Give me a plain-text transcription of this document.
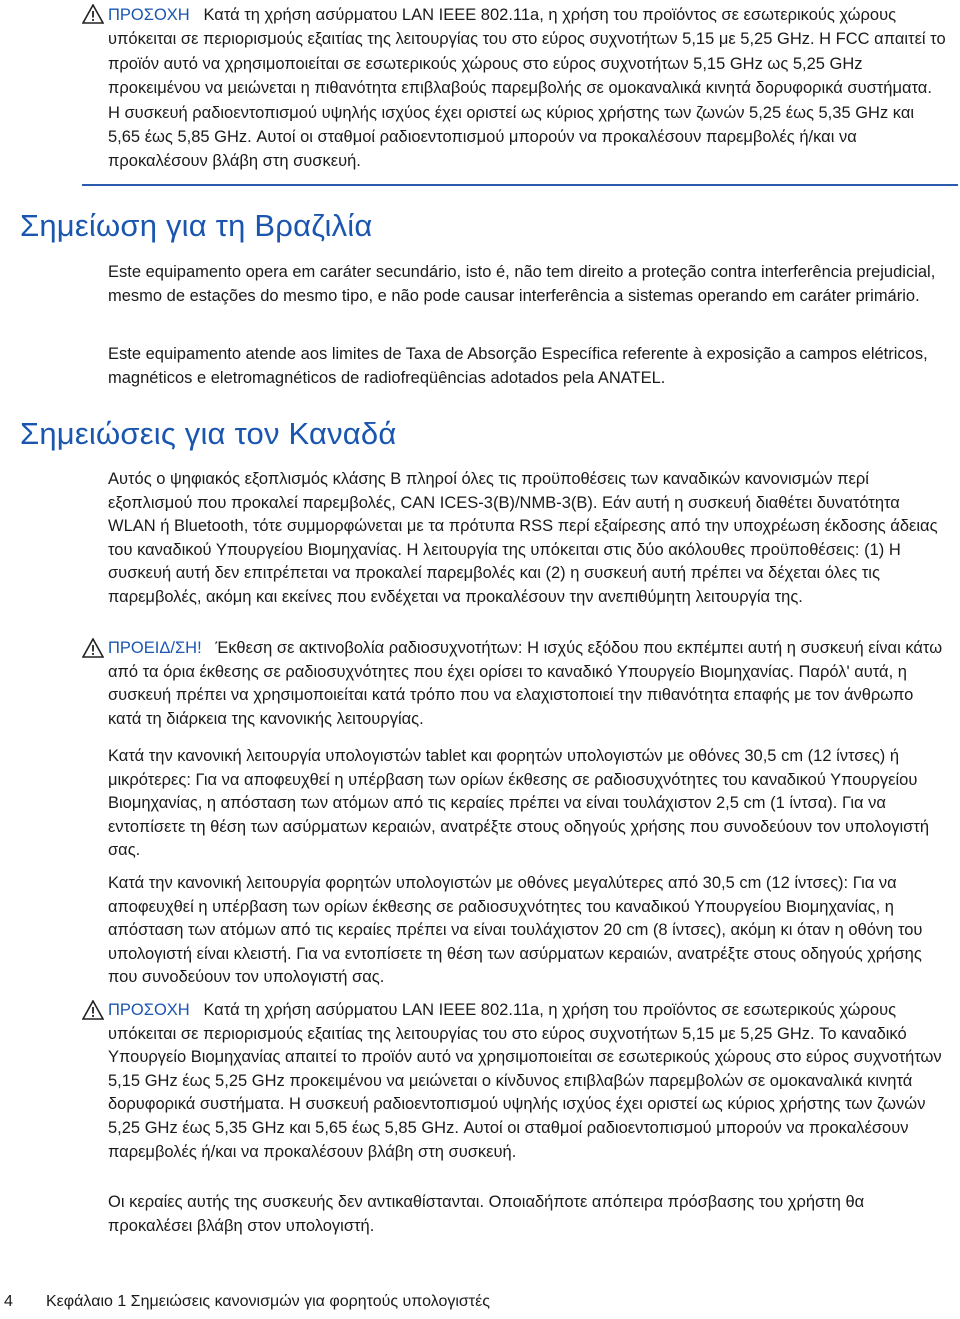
ΠΡΟΣΟΧΗ Κατά τη χρήση ασύρματου LAN IEEE 802.11a, η χρήση του προϊόντος σε εσωτερικούς χώρους υπόκειται σε περιορισμούς εξαιτίας της λειτουργίας του στο εύρος συχνοτήτων 5,15 με 5,25 GHz. Η FCC απαιτεί το προϊόν αυτό να χρησιμοποιείται σε εσωτερικούς χώρους στο εύρος συχνοτήτων 5,15 GHz ως 5,25 GHz προκειμένου να μειώνεται η πιθανότητα επιβλαβούς παρεμβολής σε ομοκαναλικά κινητά δορυφορικά συστήματα. Η συσκευή ραδιοεντοπισμού υψηλής ισχύος έχει οριστεί ως κύριος χρήστης των ζωνών 5,25 έως 5,35 GHz και 5,65 έως 5,85 GHz. Αυτοί οι σταθμοί ραδιοεντοπισμού μπορούν να προκαλέσουν παρεμβολές ή/και να προκαλέσουν βλάβη στη συσκευή.

Σημείωση για τη Βραζιλία

Este equipamento opera em caráter secundário, isto é, não tem direito a proteção contra interferência prejudicial, mesmo de estações do mesmo tipo, e não pode causar interferência a sistemas operando em caráter primário.

Este equipamento atende aos limites de Taxa de Absorção Específica referente à exposição a campos elétricos, magnéticos e eletromagnéticos de radiofreqüências adotados pela ANATEL.

Σημειώσεις για τον Καναδά

Αυτός ο ψηφιακός εξοπλισμός κλάσης B πληροί όλες τις προϋποθέσεις των καναδικών κανονισμών περί εξοπλισμού που προκαλεί παρεμβολές, CAN ICES-3(B)/NMB-3(B). Εάν αυτή η συσκευή διαθέτει δυνατότητα WLAN ή Bluetooth, τότε συμμορφώνεται με τα πρότυπα RSS περί εξαίρεσης από την υποχρέωση έκδοσης άδειας του καναδικού Υπουργείου Βιομηχανίας. Η λειτουργία της υπόκειται στις δύο ακόλουθες προϋποθέσεις: (1) Η συσκευή αυτή δεν επιτρέπεται να προκαλεί παρεμβολές και (2) η συσκευή αυτή πρέπει να δέχεται όλες τις παρεμβολές, ακόμη και εκείνες που ενδέχεται να προκαλέσουν την ανεπιθύμητη λειτουργία της.

ΠΡΟΕΙΔ/ΣΗ! Έκθεση σε ακτινοβολία ραδιοσυχνοτήτων: Η ισχύς εξόδου που εκπέμπει αυτή η συσκευή είναι κάτω από τα όρια έκθεσης σε ραδιοσυχνότητες που έχει ορίσει το καναδικό Υπουργείο Βιομηχανίας. Παρόλ' αυτά, η συσκευή πρέπει να χρησιμοποιείται κατά τρόπο που να ελαχιστοποιεί την πιθανότητα επαφής με τον άνθρωπο κατά τη διάρκεια της κανονικής λειτουργίας.

Κατά την κανονική λειτουργία υπολογιστών tablet και φορητών υπολογιστών με οθόνες 30,5 cm (12 ίντσες) ή μικρότερες: Για να αποφευχθεί η υπέρβαση των ορίων έκθεσης σε ραδιοσυχνότητες του καναδικού Υπουργείου Βιομηχανίας, η απόσταση των ατόμων από τις κεραίες πρέπει να είναι τουλάχιστον 2,5 cm (1 ίντσα). Για να εντοπίσετε τη θέση των ασύρματων κεραιών, ανατρέξτε στους οδηγούς χρήσης που συνοδεύουν τον υπολογιστή σας.

Κατά την κανονική λειτουργία φορητών υπολογιστών με οθόνες μεγαλύτερες από 30,5 cm (12 ίντσες): Για να αποφευχθεί η υπέρβαση των ορίων έκθεσης σε ραδιοσυχνότητες του καναδικού Υπουργείου Βιομηχανίας, η απόσταση των ατόμων από τις κεραίες πρέπει να είναι τουλάχιστον 20 cm (8 ίντσες), ακόμη κι όταν η οθόνη του υπολογιστή είναι κλειστή. Για να εντοπίσετε τη θέση των ασύρματων κεραιών, ανατρέξτε στους οδηγούς χρήσης που συνοδεύουν τον υπολογιστή σας.

ΠΡΟΣΟΧΗ Κατά τη χρήση ασύρματου LAN IEEE 802.11a, η χρήση του προϊόντος σε εσωτερικούς χώρους υπόκειται σε περιορισμούς εξαιτίας της λειτουργίας του στο εύρος συχνοτήτων 5,15 με 5,25 GHz. Το καναδικό Υπουργείο Βιομηχανίας απαιτεί το προϊόν αυτό να χρησιμοποιείται σε εσωτερικούς χώρους στο εύρος συχνοτήτων 5,15 GHz έως 5,25 GHz προκειμένου να μειώνεται ο κίνδυνος επιβλαβών παρεμβολών σε ομοκαναλικά κινητά δορυφορικά συστήματα. Η συσκευή ραδιοεντοπισμού υψηλής ισχύος έχει οριστεί ως κύριος χρήστης των ζωνών 5,25 GHz έως 5,35 GHz και 5,65 έως 5,85 GHz. Αυτοί οι σταθμοί ραδιοεντοπισμού μπορούν να προκαλέσουν παρεμβολές ή/και να προκαλέσουν βλάβη στη συσκευή.

Οι κεραίες αυτής της συσκευής δεν αντικαθίστανται. Οποιαδήποτε απόπειρα πρόσβασης του χρήστη θα προκαλέσει βλάβη στον υπολογιστή.

4 Κεφάλαιο 1 Σημειώσεις κανονισμών για φορητούς υπολογιστές
